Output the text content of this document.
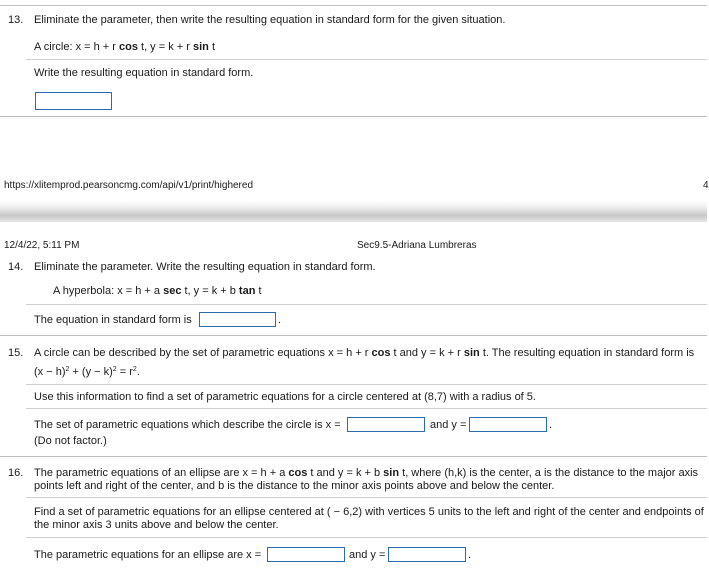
13. Eliminate the parameter, then write the resulting equation in standard form for the given situation.
A circle: x = h + r cos t, y = k + r sin t
Write the resulting equation in standard form.
https://xlitemprod.pearsoncmg.com/api/v1/print/highered	4
12/4/22, 5:11 PM	Sec9.5-Adriana Lumbreras
14. Eliminate the parameter. Write the resulting equation in standard form.
A hyperbola: x = h + a sec t, y = k + b tan t
The equation in standard form is	.
15. A circle can be described by the set of parametric equations x = h + r cos t and y = k + r sin t. The resulting equation in standard form is
$(x - h)^2 + (y - k)^2 = r^2$.
Use this information to find a set of parametric equations for a circle centered at (8,7) with a radius of 5.
The set of parametric equations which describe the circle is x =	and y =	.
(Do not factor.)
16. The parametric equations of an ellipse are x = h + a cos t and y = k + b sin t, where (h,k) is the center, a is the distance to the major axis points left and right of the center, and b is the distance to the minor axis points above and below the center.
Find a set of parametric equations for an ellipse centered at ( − 6,2) with vertices 5 units to the left and right of the center and endpoints of the minor axis 3 units above and below the center.
The parametric equations for an ellipse are x =	and y =	.
